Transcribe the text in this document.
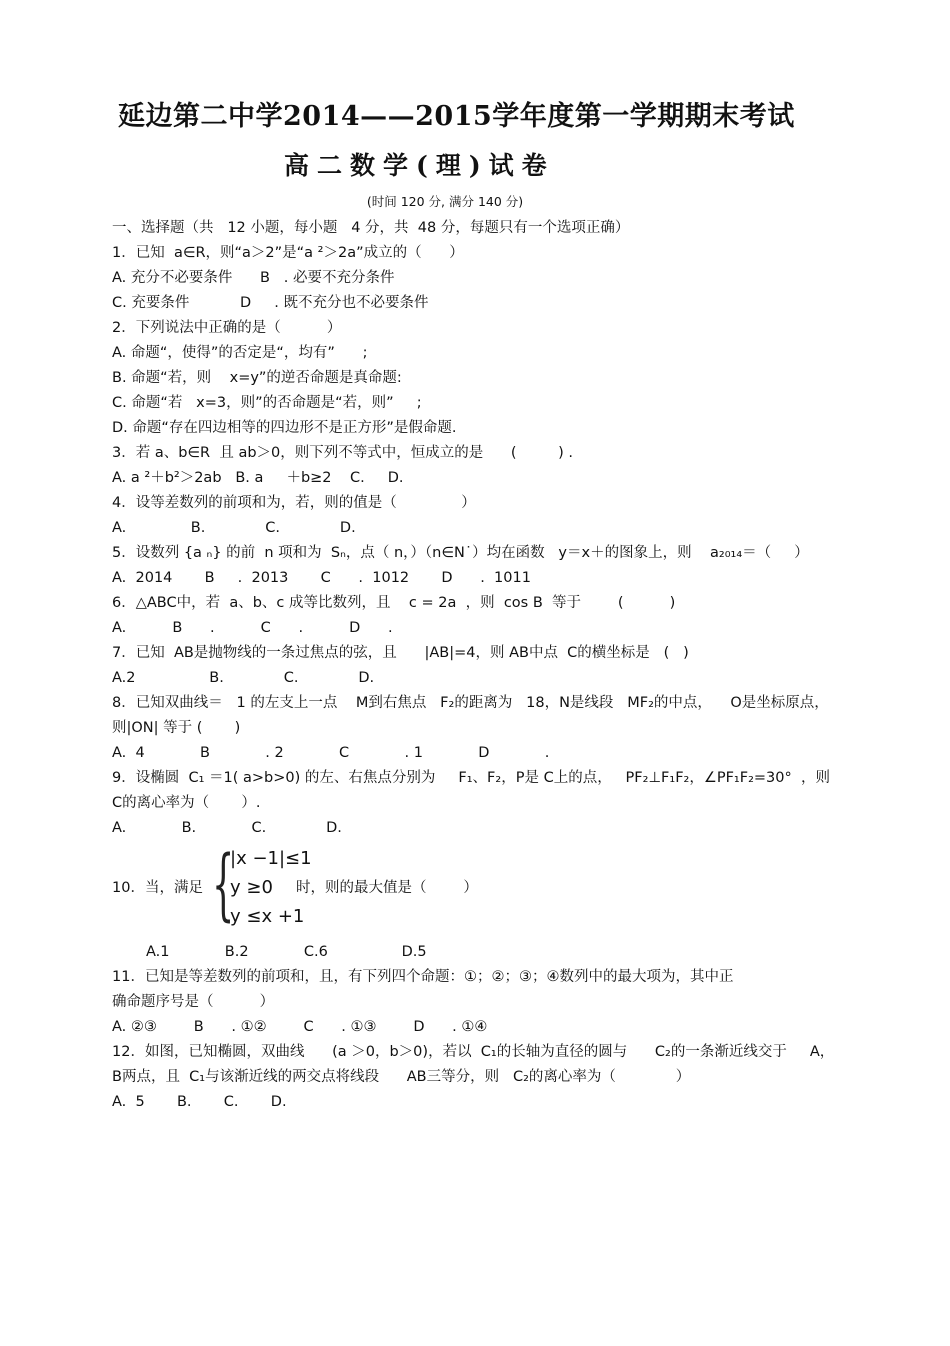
延边第二中学2014——2015学年度第一学期期末考试
高二数学(理)试卷
(时间 120 分, 满分 140 分)
一、选择题（共   12 小题，每小题   4 分，共  48 分，每题只有一个选项正确）
1．已知  a∈R，则“a＞2”是“a ²＞2a”成立的（      ）
A. 充分不必要条件      B   . 必要不充分条件
C. 充要条件           D     . 既不充分也不必要条件
2．下列说法中正确的是（          ）
A. 命题“，使得”的否定是“，均有”      ;
B. 命题“若，则    x=y”的逆否命题是真命题:
C. 命题“若   x=3，则”的否命题是“若，则”     ;
D. 命题“存在四边相等的四边形不是正方形”是假命题.
3．若 a、b∈R  且 ab＞0，则下列不等式中，恒成立的是      (         ) .
A. a ²＋b²＞2ab   B. a     ＋b≥2    C.     D.
4．设等差数列的前项和为，若，则的值是（              ）
A.              B.             C.             D.
5．设数列 {a ₙ} 的前  n 项和为  Sₙ，点（ n，）（n∈N˙）均在函数   y＝x＋的图象上，则    a₂₀₁₄＝（     ）
A.  2014       B     .  2013       C      .  1012       D      .  1011
6．△ABC中，若  a、b、c 成等比数列，且    c = 2a  ，则  cos B  等于        (          )
A.          B      .          C      .          D      .
7．已知  AB是抛物线的一条过焦点的弦，且      |AB|=4，则 AB中点  C的横坐标是   (   )
A.2                B.             C.             D.
8．已知双曲线＝   1 的左支上一点    M到右焦点   F₂的距离为   18，N是线段   MF₂的中点，    O是坐标原点，
则|ON| 等于 (       )
A.  4            B            . 2            C            . 1            D            .
9．设椭圆  C₁ ＝1( a>b>0) 的左、右焦点分别为     F₁、F₂，P是 C上的点，   PF₂⊥F₁F₂，∠PF₁F₂=30°  ，则
C的离心率为（       ）.
A.            B.            C.             D.
10．当，满足 {
|x −1|≤1
y ≥0
y ≤x +1
时，则的最大值是（        ）
A.1            B.2            C.6                D.5
11．已知是等差数列的前项和，且，有下列四个命题：①；②；③；④数列中的最大项为，其中正
确命题序号是（          ）
A. ②③        B      . ①②        C      . ①③        D      . ①④
12．如图，已知椭圆，双曲线      (a ＞0，b＞0)，若以  C₁的长轴为直径的圆与      C₂的一条渐近线交于     A，
B两点，且  C₁与该渐近线的两交点将线段      AB三等分，则   C₂的离心率为（             ）
A.  5       B.       C.       D.
